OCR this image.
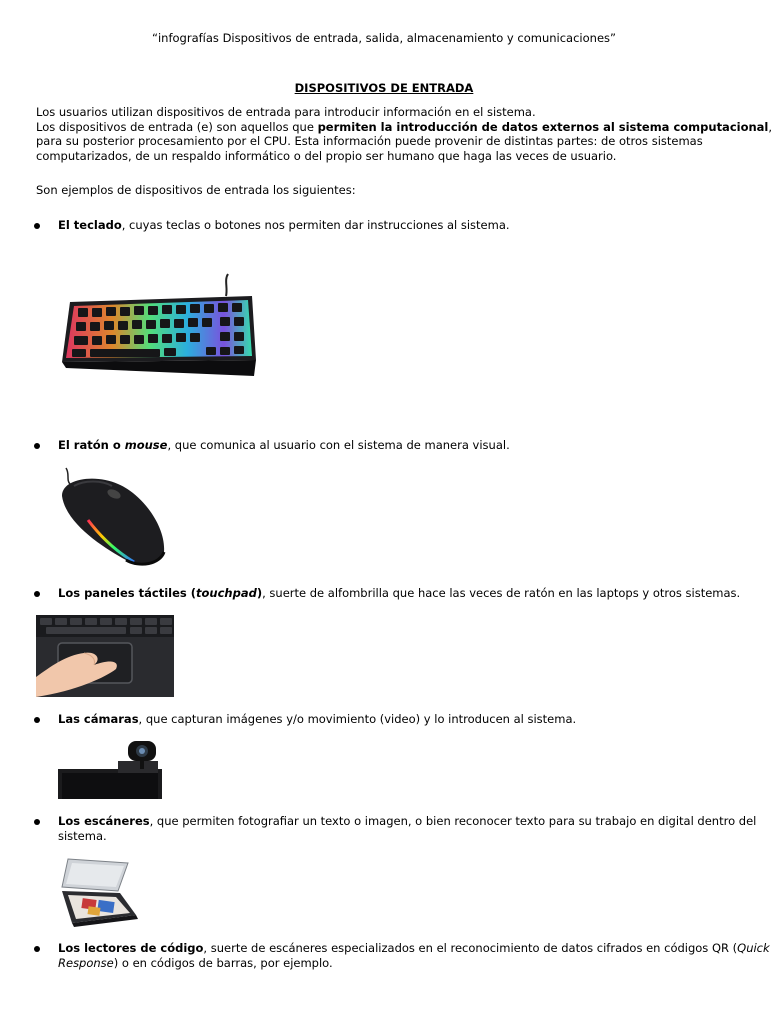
“infografías Dispositivos de entrada, salida, almacenamiento y comunicaciones”
DISPOSITIVOS DE ENTRADA
Los usuarios utilizan dispositivos de entrada para introducir información en el sistema.
Los dispositivos de entrada (e) son aquellos que permiten la introducción de datos externos al sistema computacional,
para su posterior procesamiento por el CPU. Esta información puede provenir de distintas partes: de otros sistemas
computarizados, de un respaldo informático o del propio ser humano que haga las veces de usuario.
Son ejemplos de dispositivos de entrada los siguientes:
El teclado, cuyas teclas o botones nos permiten dar instrucciones al sistema.
El ratón o mouse, que comunica al usuario con el sistema de manera visual.
Los paneles táctiles (touchpad), suerte de alfombrilla que hace las veces de ratón en las laptops y otros sistemas.
Las cámaras, que capturan imágenes y/o movimiento (video) y lo introducen al sistema.
Los escáneres, que permiten fotografiar un texto o imagen, o bien reconocer texto para su trabajo en digital dentro del
sistema.
Los lectores de código, suerte de escáneres especializados en el reconocimiento de datos cifrados en códigos QR (Quick
Response) o en códigos de barras, por ejemplo.
